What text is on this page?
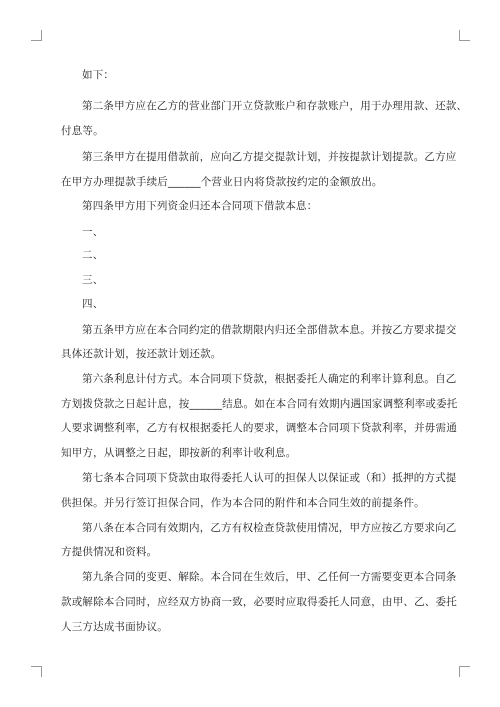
如下：
第二条甲方应在乙方的营业部门开立贷款账户和存款账户，用于办理用款、还款、
付息等。
第三条甲方在提用借款前，应向乙方提交提款计划，并按提款计划提款。乙方应
在甲方办理提款手续后______个营业日内将贷款按约定的金额放出。
第四条甲方用下列资金归还本合同项下借款本息：
一、
二、
三、
四、
第五条甲方应在本合同约定的借款期限内归还全部借款本息。并按乙方要求提交
具体还款计划，按还款计划还款。
第六条利息计付方式。本合同项下贷款，根据委托人确定的利率计算利息。自乙
方划拨贷款之日起计息，按______结息。如在本合同有效期内遇国家调整利率或委托
人要求调整利率，乙方有权根据委托人的要求，调整本合同项下贷款利率，并毋需通
知甲方，从调整之日起，即按新的利率计收利息。
第七条本合同项下贷款由取得委托人认可的担保人以保证或（和）抵押的方式提
供担保。并另行签订担保合同，作为本合同的附件和本合同生效的前提条件。
第八条在本合同有效期内，乙方有权检查贷款使用情况，甲方应按乙方要求向乙
方提供情况和资料。
第九条合同的变更、解除。本合同在生效后，甲、乙任何一方需要变更本合同条
款或解除本合同时，应经双方协商一致，必要时应取得委托人同意，由甲、乙、委托
人三方达成书面协议。
